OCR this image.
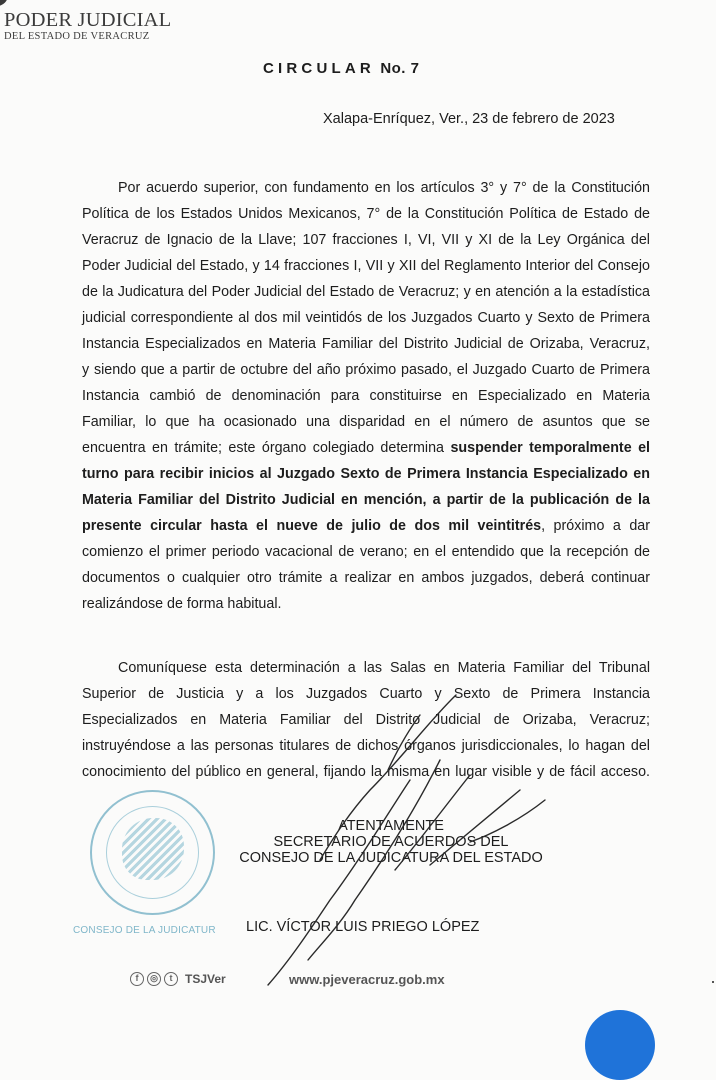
PODER JUDICIAL
DEL ESTADO DE VERACRUZ
CIRCULAR No. 7
Xalapa-Enríquez, Ver., 23 de febrero de 2023
Por acuerdo superior, con fundamento en los artículos 3° y 7° de la Constitución
Política de los Estados Unidos Mexicanos, 7° de la Constitución Política de Estado de
Veracruz de Ignacio de la Llave; 107 fracciones I, VI, VII y XI de la Ley Orgánica del
Poder Judicial del Estado, y 14 fracciones I, VII y XII del Reglamento Interior del Consejo
de la Judicatura del Poder Judicial del Estado de Veracruz; y en atención a la estadística
judicial correspondiente al dos mil veintidós de los Juzgados Cuarto y Sexto de Primera
Instancia Especializados en Materia Familiar del Distrito Judicial de Orizaba, Veracruz,
y siendo que a partir de octubre del año próximo pasado, el Juzgado Cuarto de Primera
Instancia cambió de denominación para constituirse en Especializado en Materia
Familiar, lo que ha ocasionado una disparidad en el número de asuntos que se
encuentra en trámite; este órgano colegiado determina suspender temporalmente el
turno para recibir inicios al Juzgado Sexto de Primera Instancia Especializado en
Materia Familiar del Distrito Judicial en mención, a partir de la publicación de la
presente circular hasta el nueve de julio de dos mil veintitrés, próximo a dar
comienzo el primer periodo vacacional de verano; en el entendido que la recepción de
documentos o cualquier otro trámite a realizar en ambos juzgados, deberá continuar
realizándose de forma habitual.
Comuníquese esta determinación a las Salas en Materia Familiar del Tribunal
Superior de Justicia y a los Juzgados Cuarto y Sexto de Primera Instancia
Especializados en Materia Familiar del Distrito Judicial de Orizaba, Veracruz;
instruyéndose a las personas titulares de dichos órganos jurisdiccionales, lo hagan del
conocimiento del público en general, fijando la misma en lugar visible y de fácil acceso.
CONSEJO DE LA JUDICATUR
ATENTAMENTE
SECRETARIO DE ACUERDOS DEL
CONSEJO DE LA JUDICATURA DEL ESTADO
LIC. VÍCTOR LUIS PRIEGO LÓPEZ
f	◎	t	TSJVer	www.pjeveracruz.gob.mx
